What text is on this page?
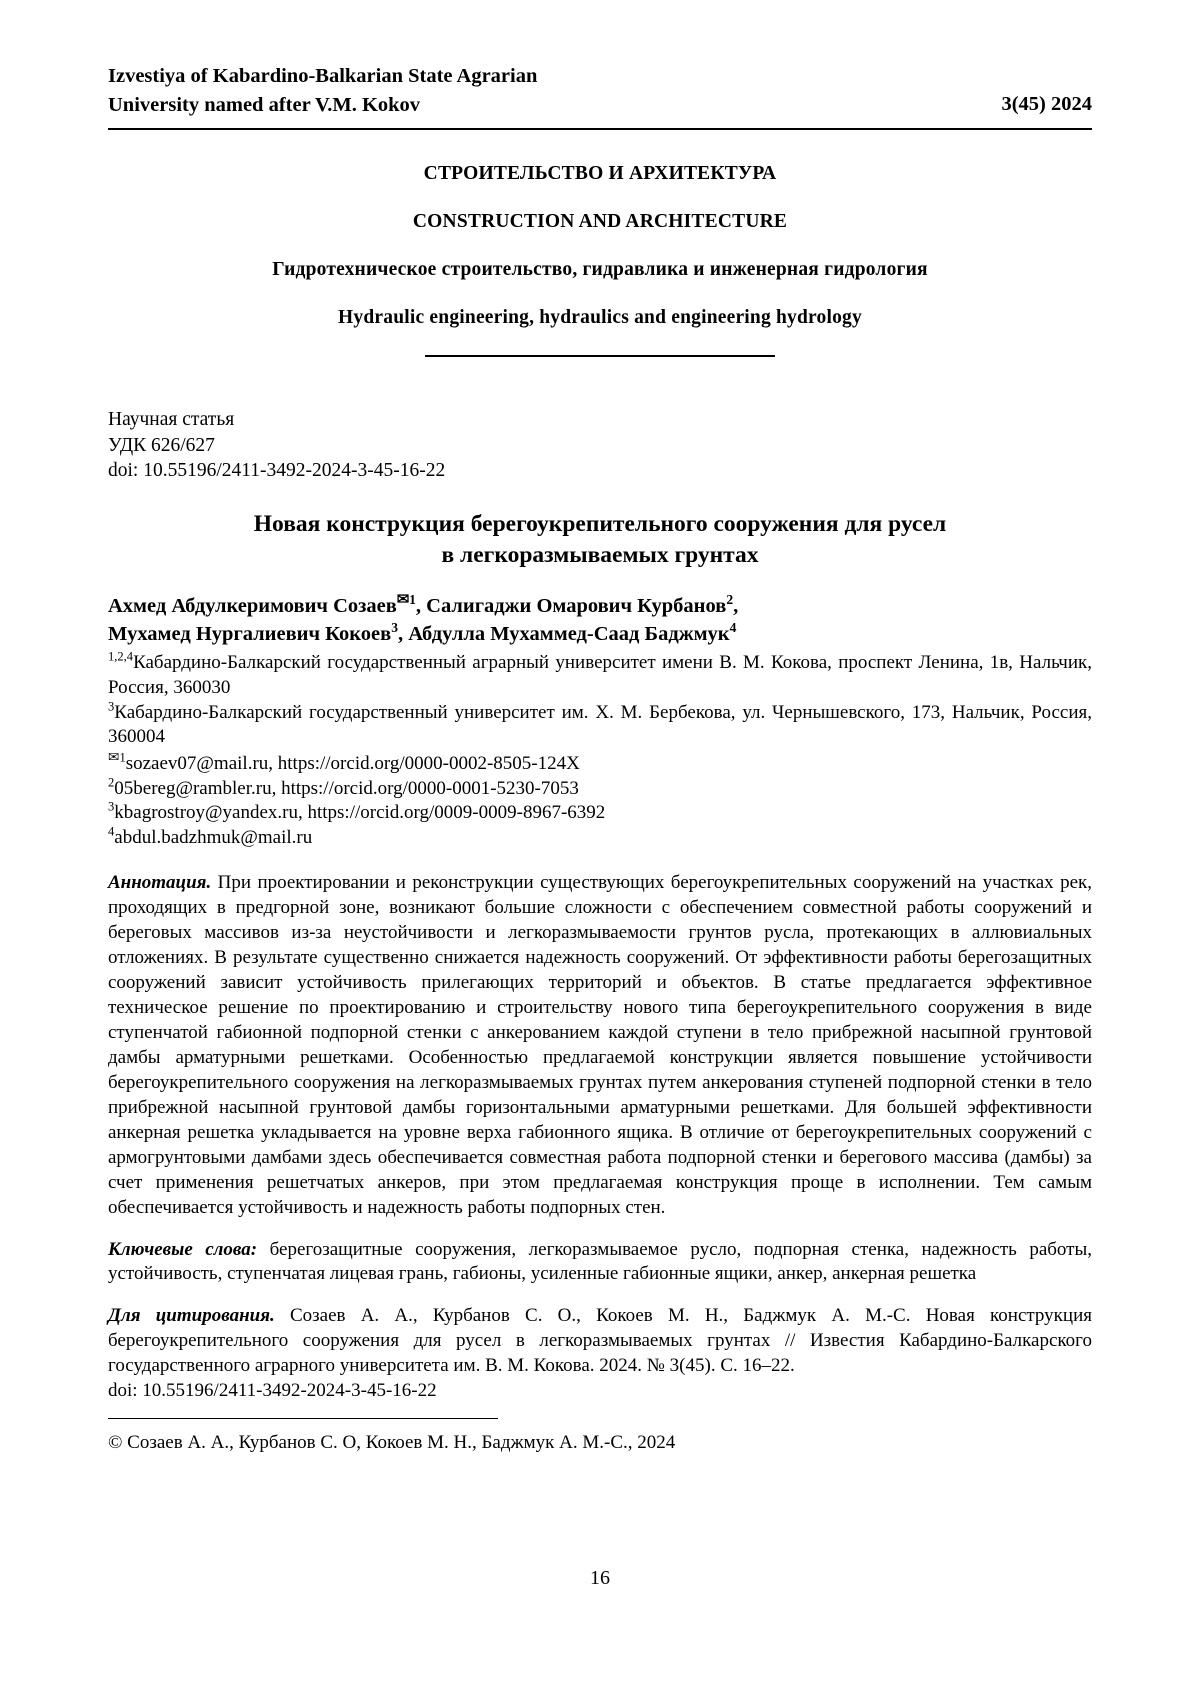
Izvestiya of Kabardino-Balkarian State Agrarian
University named after V.M. Kokov	3(45) 2024
СТРОИТЕЛЬСТВО И АРХИТЕКТУРА
CONSTRUCTION AND ARCHITECTURE
Гидротехническое строительство, гидравлика и инженерная гидрология
Hydraulic engineering, hydraulics and engineering hydrology
Научная статья
УДК 626/627
doi: 10.55196/2411-3492-2024-3-45-16-22
Новая конструкция берегоукрепительного сооружения для русел
в легкоразмываемых грунтах
Ахмед Абдулкеримович Созаев$^{✉1}$, Салигаджи Омарович Курбанов$^2$,
Мухамед Нургалиевич Кокоев$^3$, Абдулла Мухаммед-Саад Баджмук$^4$

$^{1,2,4}$Кабардино-Балкарский государственный аграрный университет имени В. М. Кокова, проспект Ленина, 1в, Нальчик, Россия, 360030

$^3$Кабардино-Балкарский государственный университет им. Х. М. Бербекова, ул. Чернышевского, 173, Нальчик, Россия, 360004

$^{✉1}$sozaev07@mail.ru, https://orcid.org/0000-0002-8505-124X

$^2$05bereg@rambler.ru, https://orcid.org/0000-0001-5230-7053

$^3$kbagrostroy@yandex.ru, https://orcid.org/0009-0009-8967-6392

$^4$abdul.badzhmuk@mail.ru

Аннотация. При проектировании и реконструкции существующих берегоукрепительных сооружений на участках рек, проходящих в предгорной зоне, возникают большие сложности с обеспечением совместной работы сооружений и береговых массивов из-за неустойчивости и легкоразмываемости грунтов русла, протекающих в аллювиальных отложениях. В результате существенно снижается надежность сооружений. От эффективности работы берегозащитных сооружений зависит устойчивость прилегающих территорий и объектов. В статье предлагается эффективное техническое решение по проектированию и строительству нового типа берегоукрепительного сооружения в виде ступенчатой габионной подпорной стенки с анкерованием каждой ступени в тело прибрежной насыпной грунтовой дамбы арматурными решетками. Особенностью предлагаемой конструкции является повышение устойчивости берегоукрепительного сооружения на легкоразмываемых грунтах путем анкерования ступеней подпорной стенки в тело прибрежной насыпной грунтовой дамбы горизонтальными арматурными решетками. Для большей эффективности анкерная решетка укладывается на уровне верха габионного ящика. В отличие от берегоукрепительных сооружений с армогрунтовыми дамбами здесь обеспечивается совместная работа подпорной стенки и берегового массива (дамбы) за счет применения решетчатых анкеров, при этом предлагаемая конструкция проще в исполнении. Тем самым обеспечивается устойчивость и надежность работы подпорных стен.
Ключевые слова: берегозащитные сооружения, легкоразмываемое русло, подпорная стенка, надежность работы, устойчивость, ступенчатая лицевая грань, габионы, усиленные габионные ящики, анкер, анкерная решетка
Для цитирования. Созаев А. А., Курбанов С. О., Кокоев М. Н., Баджмук А. М.-С. Новая конструкция берегоукрепительного сооружения для русел в легкоразмываемых грунтах // Известия Кабардино-Балкарского государственного аграрного университета им. В. М. Кокова. 2024. № 3(45). С. 16–22.
doi: 10.55196/2411-3492-2024-3-45-16-22
© Созаев А. А., Курбанов С. О, Кокоев М. Н., Баджмук А. М.-С., 2024
16
